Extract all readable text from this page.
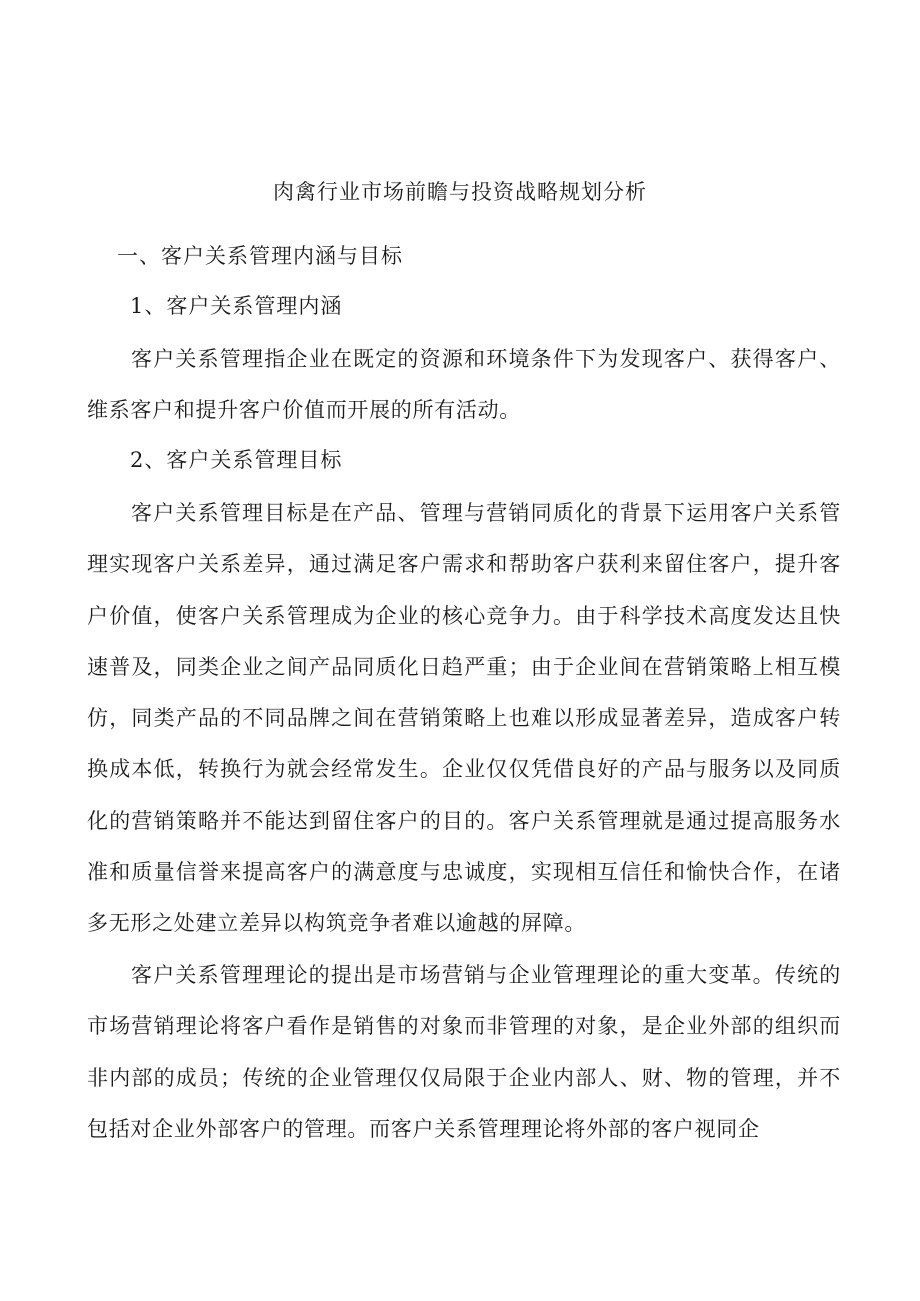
肉禽行业市场前瞻与投资战略规划分析
一、客户关系管理内涵与目标
1、客户关系管理内涵

客户关系管理指企业在既定的资源和环境条件下为发现客户、获得客户、维系客户和提升客户价值而开展的所有活动。

2、客户关系管理目标

客户关系管理目标是在产品、管理与营销同质化的背景下运用客户关系管理实现客户关系差异，通过满足客户需求和帮助客户获利来留住客户，提升客户价值，使客户关系管理成为企业的核心竞争力。由于科学技术高度发达且快速普及，同类企业之间产品同质化日趋严重；由于企业间在营销策略上相互模仿，同类产品的不同品牌之间在营销策略上也难以形成显著差异，造成客户转换成本低，转换行为就会经常发生。企业仅仅凭借良好的产品与服务以及同质化的营销策略并不能达到留住客户的目的。客户关系管理就是通过提高服务水准和质量信誉来提高客户的满意度与忠诚度，实现相互信任和愉快合作，在诸多无形之处建立差异以构筑竞争者难以逾越的屏障。

客户关系管理理论的提出是市场营销与企业管理理论的重大变革。传统的市场营销理论将客户看作是销售的对象而非管理的对象，是企业外部的组织而非内部的成员；传统的企业管理仅仅局限于企业内部人、财、物的管理，并不包括对企业外部客户的管理。而客户关系管理理论将外部的客户视同企
